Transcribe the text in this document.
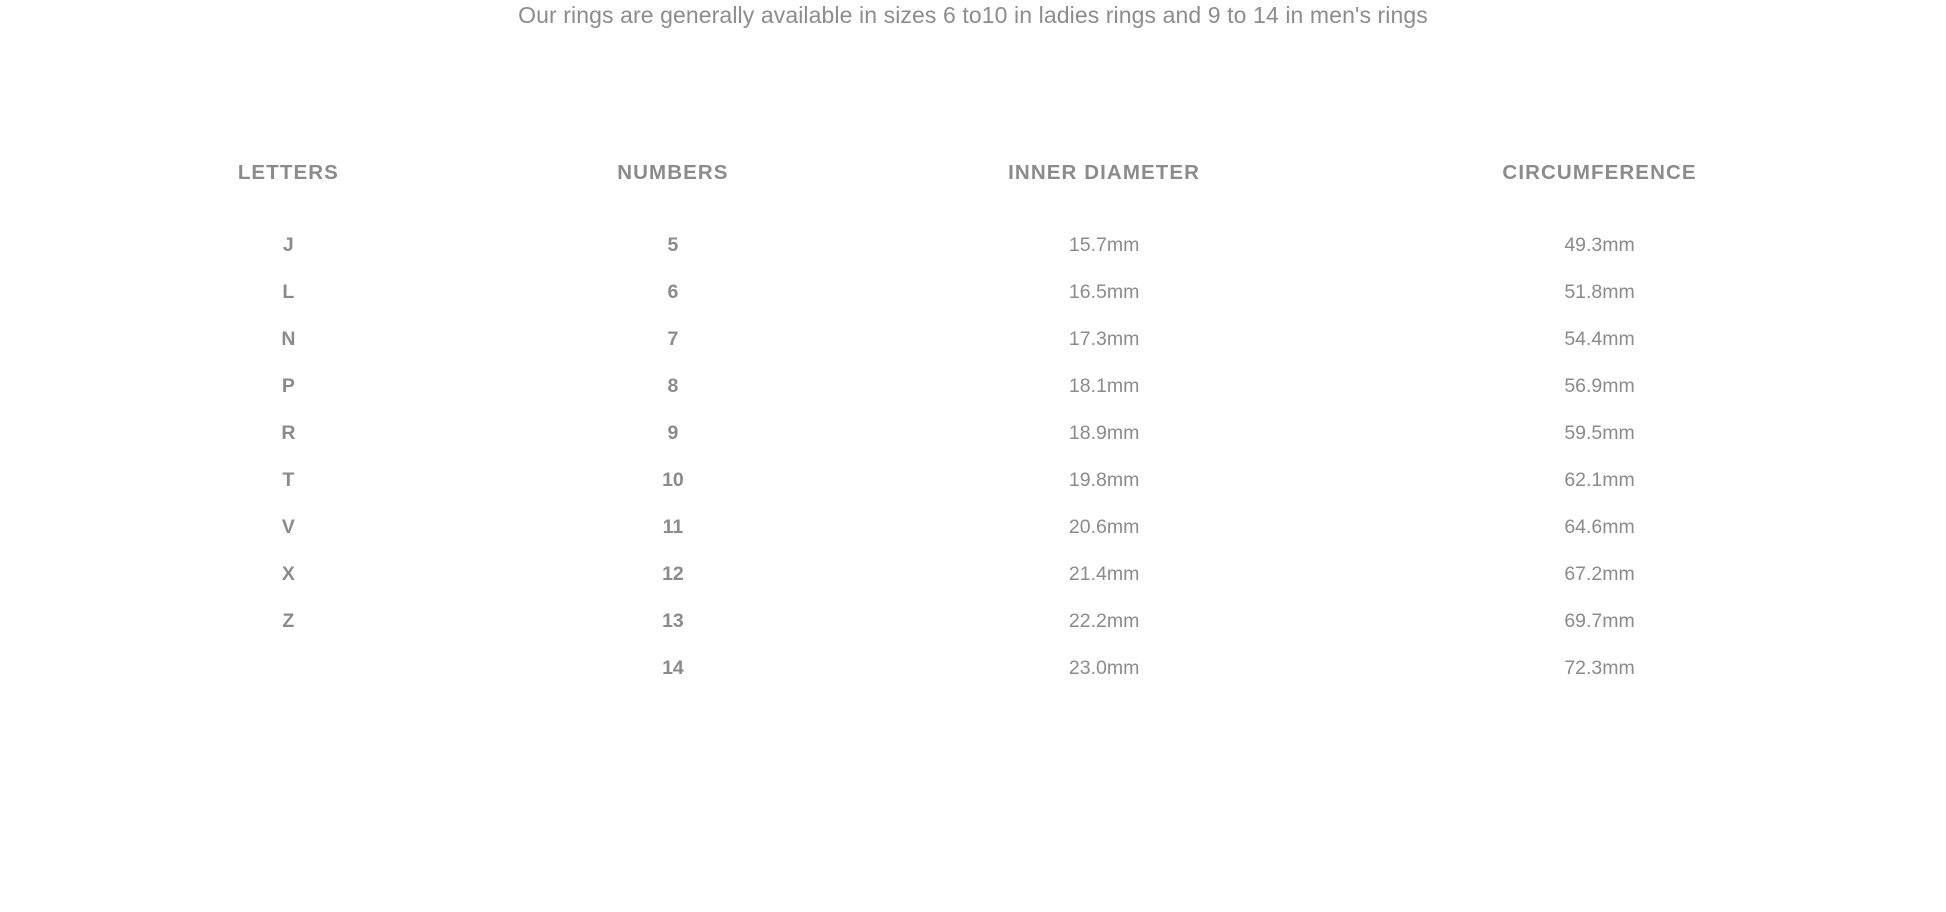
Our rings are generally available in sizes 6 to10 in ladies rings and 9 to 14 in men's rings
LETTERS	NUMBERS	INNER DIAMETER	CIRCUMFERENCE
J	5	15.7mm	49.3mm
L	6	16.5mm	51.8mm
N	7	17.3mm	54.4mm
P	8	18.1mm	56.9mm
R	9	18.9mm	59.5mm
T	10	19.8mm	62.1mm
V	11	20.6mm	64.6mm
X	12	21.4mm	67.2mm
Z	13	22.2mm	69.7mm
	14	23.0mm	72.3mm
